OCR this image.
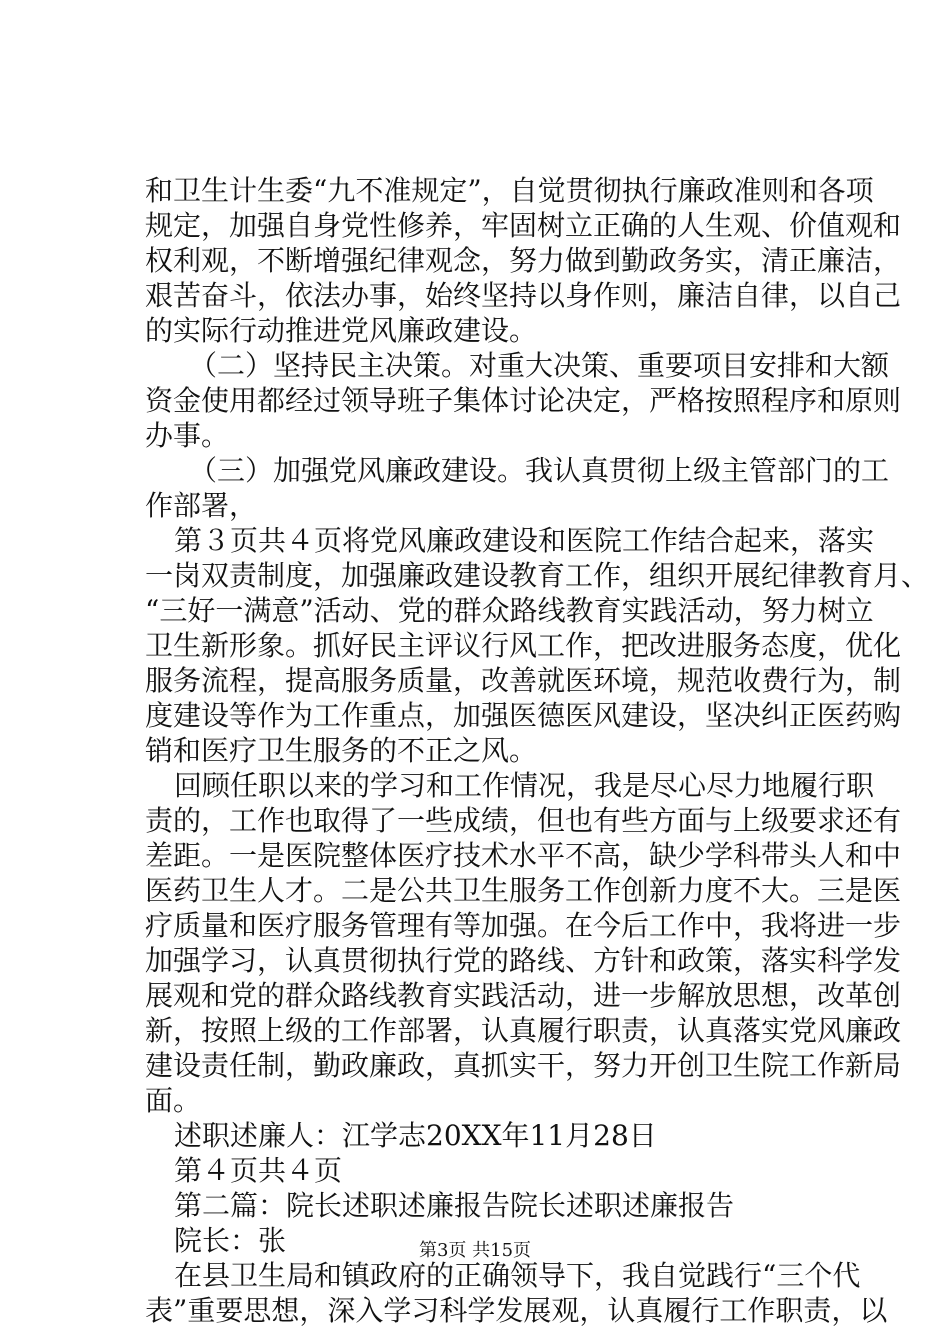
和卫生计生委“九不准规定”，自觉贯彻执行廉政准则和各项
规定，加强自身党性修养，牢固树立正确的人生观、价值观和
权利观，不断增强纪律观念，努力做到勤政务实，清正廉洁，
艰苦奋斗，依法办事，始终坚持以身作则，廉洁自律，以自己
的实际行动推进党风廉政建设。
（二）坚持民主决策。对重大决策、重要项目安排和大额
资金使用都经过领导班子集体讨论决定，严格按照程序和原则
办事。
（三）加强党风廉政建设。我认真贯彻上级主管部门的工
作部署，
第３页共４页将党风廉政建设和医院工作结合起来，落实
一岗双责制度，加强廉政建设教育工作，组织开展纪律教育月、
“三好一满意”活动、党的群众路线教育实践活动，努力树立
卫生新形象。抓好民主评议行风工作，把改进服务态度，优化
服务流程，提高服务质量，改善就医环境，规范收费行为，制
度建设等作为工作重点，加强医德医风建设，坚决纠正医药购
销和医疗卫生服务的不正之风。
回顾任职以来的学习和工作情况，我是尽心尽力地履行职
责的，工作也取得了一些成绩，但也有些方面与上级要求还有
差距。一是医院整体医疗技术水平不高，缺少学科带头人和中
医药卫生人才。二是公共卫生服务工作创新力度不大。三是医
疗质量和医疗服务管理有等加强。在今后工作中，我将进一步
加强学习，认真贯彻执行党的路线、方针和政策，落实科学发
展观和党的群众路线教育实践活动，进一步解放思想，改革创
新，按照上级的工作部署，认真履行职责，认真落实党风廉政
建设责任制，勤政廉政，真抓实干，努力开创卫生院工作新局
面。
述职述廉人：江学志20XX年11月28日
第４页共４页
第二篇：院长述职述廉报告院长述职述廉报告
院长：张
在县卫生局和镇政府的正确领导下，我自觉践行“三个代
表”重要思想，深入学习科学发展观，认真履行工作职责，以
第3页 共15页
